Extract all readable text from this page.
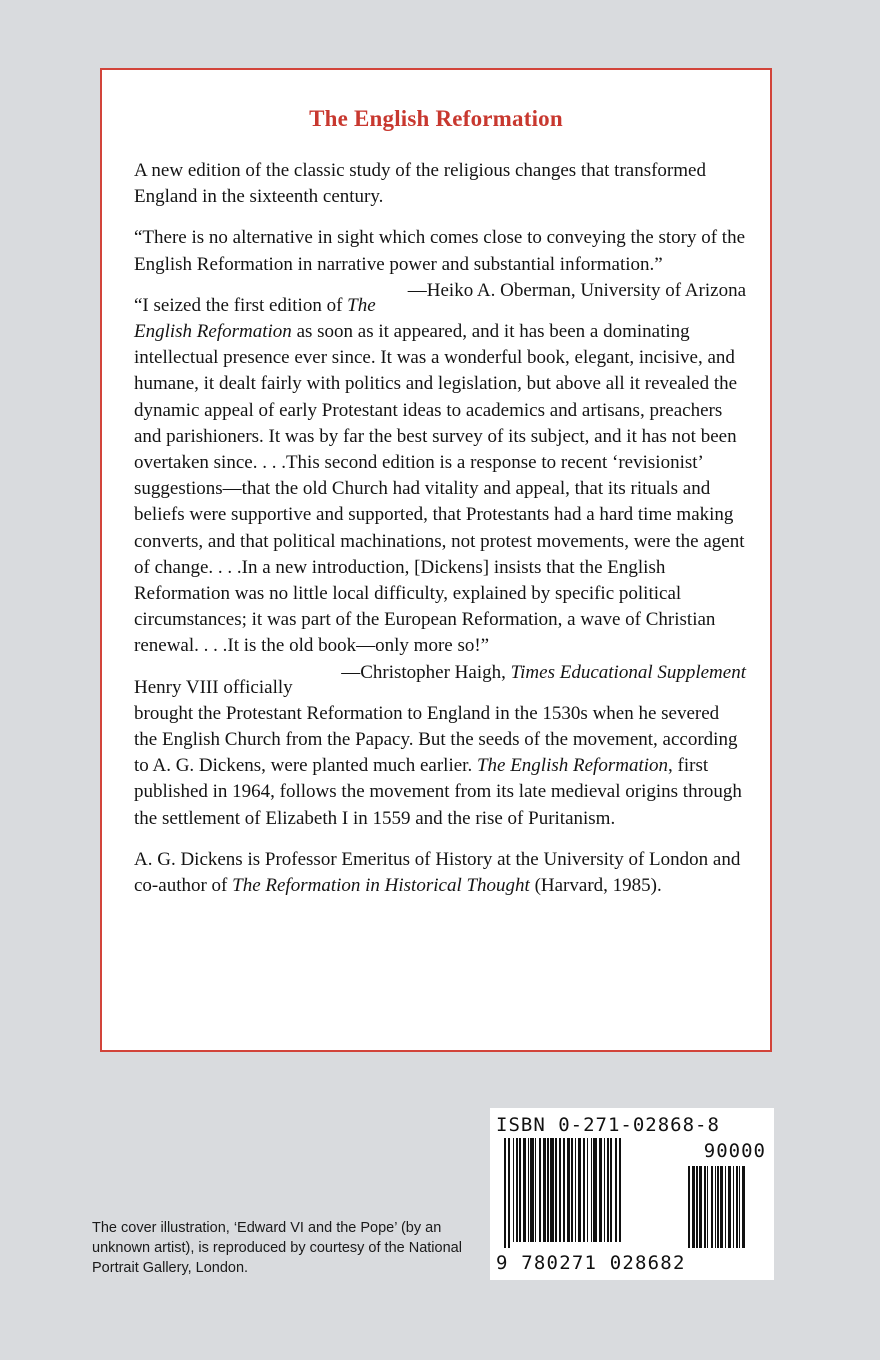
The English Reformation

A new edition of the classic study of the religious changes that transformed England in the sixteenth century.

“There is no alternative in sight which comes close to conveying the story of the English Reformation in narrative power and substantial information.”
—Heiko A. Oberman, University of Arizona

“I seized the first edition of The English Reformation as soon as it appeared, and it has been a dominating intellectual presence ever since. It was a wonderful book, elegant, incisive, and humane, it dealt fairly with politics and legislation, but above all it revealed the dynamic appeal of early Protestant ideas to academics and artisans, preachers and parishioners. It was by far the best survey of its subject, and it has not been overtaken since. . . .This second edition is a response to recent ‘revisionist’ suggestions—that the old Church had vitality and appeal, that its rituals and beliefs were supportive and supported, that Protestants had a hard time making converts, and that political machinations, not protest movements, were the agent of change. . . .In a new introduction, [Dickens] insists that the English Reformation was no little local difficulty, explained by specific political circumstances; it was part of the European Reformation, a wave of Christian renewal. . . .It is the old book—only more so!”
—Christopher Haigh, Times Educational Supplement

Henry VIII officially brought the Protestant Reformation to England in the 1530s when he severed the English Church from the Papacy. But the seeds of the movement, according to A. G. Dickens, were planted much earlier. The English Reformation, first published in 1964, follows the movement from its late medieval origins through the settlement of Elizabeth I in 1559 and the rise of Puritanism.

A. G. Dickens is Professor Emeritus of History at the University of London and co-author of The Reformation in Historical Thought (Harvard, 1985).

The cover illustration, ‘Edward VI and the Pope’ (by an unknown artist), is reproduced by courtesy of the National Portrait Gallery, London.
ISBN 0-271-02868-8
90000
9 780271 028682
